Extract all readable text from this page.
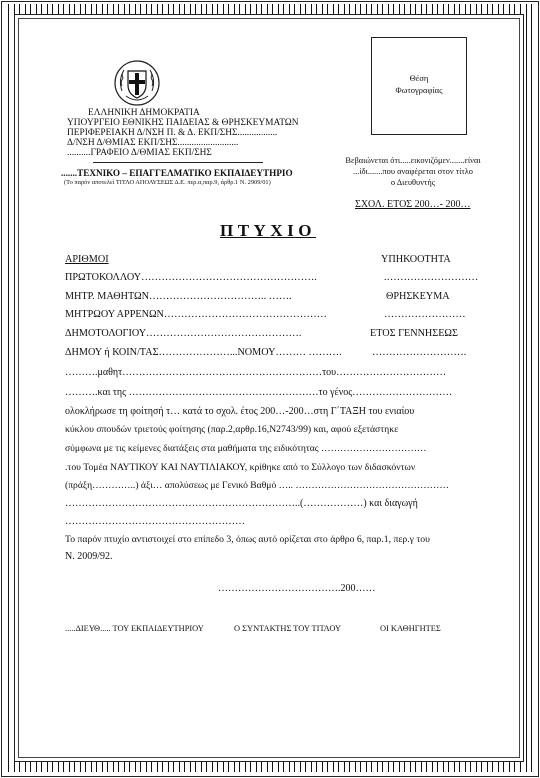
ΕΛΛΗΝΙΚΗ ΔΗΜΟΚΡΑΤΙΑ
ΥΠΟΥΡΓΕΙΟ ΕΘΝΙΚΗΣ ΠΑΙΔΕΙΑΣ & ΘΡΗΣΚΕΥΜΑΤΩΝ
ΠΕΡΙΦΕΡΕΙΑΚΗ Δ/ΝΣΗ Π. & Δ. ΕΚΠ/ΣΗΣ.................
Δ/ΝΣΗ Δ/ΘΜΙΑΣ ΕΚΠ/ΣΗΣ..........................
..........ΓΡΑΦΕΙΟ Δ/ΘΜΙΑΣ ΕΚΠ/ΣΗΣ
.......ΤΕΧΝΙΚΟ – ΕΠΑΓΓΕΛΜΑΤΙΚΟ ΕΚΠΑΙΔΕΥΤΗΡΙΟ
(Το παρόν αποτελεί ΤΙΤΛΟ ΑΠΟΛΥΣΕΩΣ Δ.Ε. περ.α,παρ.9, άρθρ.1 Ν. 2909/01)
Θέση
Φωτογραφίας
Βεβαιώνεται ότι.....εικονιζόμεν.......είναι
...ίδι.......που αναφέρεται στον τίτλο
ο Διευθυντής
ΣΧΟΛ. ΕΤΟΣ 200…- 200…
ΠΤΥΧΙΟ
ΑΡΙΘΜΟΙ	ΥΠΗΚΟΟΤΗΤΑ
ΠΡΩΤΟΚΟΛΛΟΥ…………………………………………….	.………………………
ΜΗΤΡ. ΜΑΘΗΤΩΝ…………………………….. …….	ΘΡΗΣΚΕΥΜΑ
ΜΗΤΡΩΟΥ ΑΡΡΕΝΩΝ…………………………………………	……………………
ΔΗΜΟΤΟΛΟΓΙΟΥ……………………………………….	ΕΤΟΣ ΓΕΝΝΗΣΕΩΣ
ΔΗΜΟΥ ή ΚΟΙΝ/ΤΑΣ…………………...ΝΟΜΟΥ……… ……….	……………………….
……….μαθητ……………………………………………………του……………………………
……….και της …………………………………………………το γένος…………………………
ολοκλήρωσε τη φοίτησή τ… κατά το σχολ. έτος 200…-200…στη Γ΄ΤΑΞΗ του ενιαίου
κύκλου σπουδών τριετούς φοίτησης (παρ.2,αρθρ.16,Ν2743/99) και, αφού εξετάστηκε
σύμφωνα με τις κείμενες διατάξεις στα μαθήματα της ειδικότητας ……………………………
.του Τομέα ΝΑΥΤΙΚΟΥ ΚΑΙ ΝΑΥΤΙΛΙΑΚΟΥ, κρίθηκε από το Σύλλογο των διδασκόντων
(πράξη…………..) άξι… απολύσεως με Γενικό Βαθμό ….. …………………………………………
……………………………………………………………..(………………) και διαγωγή
………………………………………………
Το παρόν πτυχίο αντιστοιχεί στο επίπεδο 3, όπως αυτό ορίζεται στο άρθρο 6, παρ.1, περ.γ του
Ν. 2009/92.
……………………………….200……
.....ΔΙΕΥΘ..... ΤΟΥ ΕΚΠΑΙΔΕΥΤΗΡΙΟΥ	Ο ΣΥΝΤΑΚΤΗΣ ΤΟΥ ΤΙΤΛΟΥ	ΟΙ ΚΑΘΗΓΗΤΕΣ
